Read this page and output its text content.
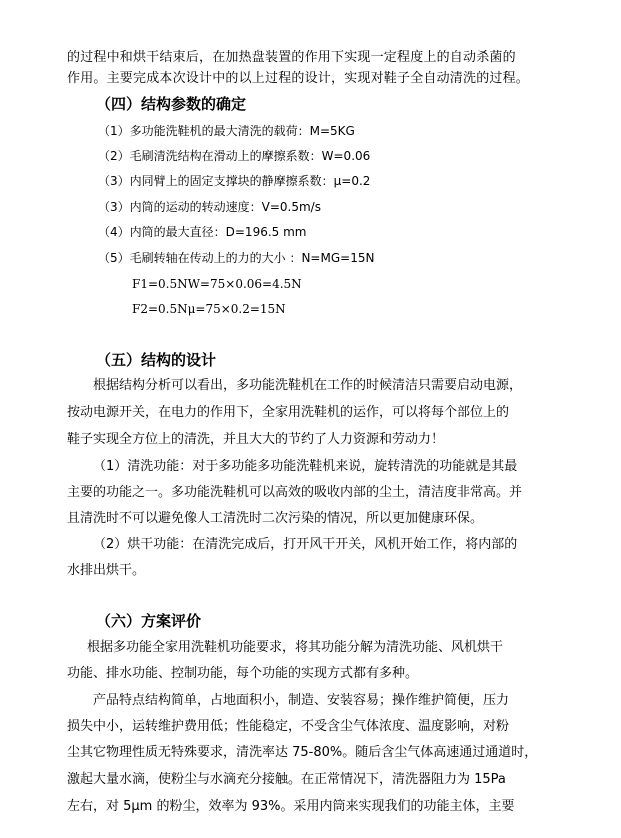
的过程中和烘干结束后，在加热盘装置的作用下实现一定程度上的自动杀菌的
作用。主要完成本次设计中的以上过程的设计，实现对鞋子全自动清洗的过程。
（四）结构参数的确定
（1）多功能洗鞋机的最大清洗的载荷：M=5KG
（2）毛刷清洗结构在滑动上的摩擦系数：W=0.06
（3）内同臂上的固定支撑块的静摩擦系数：μ=0.2
（3）内筒的运动的转动速度：V=0.5m/s
（4）内筒的最大直径：D=196.5 mm
（5）毛刷转轴在传动上的力的大小 ：N=MG=15N
F1=0.5NW=75×0.06=4.5N
F2=0.5Nμ=75×0.2=15N
（五）结构的设计
根据结构分析可以看出，多功能洗鞋机在工作的时候清洁只需要启动电源，
按动电源开关，在电力的作用下，全家用洗鞋机的运作，可以将每个部位上的
鞋子实现全方位上的清洗，并且大大的节约了人力资源和劳动力！
（1）清洗功能：对于多功能多功能洗鞋机来说，旋转清洗的功能就是其最
主要的功能之一。多功能洗鞋机可以高效的吸收内部的尘土，清洁度非常高。并
且清洗时不可以避免像人工清洗时二次污染的情况，所以更加健康环保。
（2）烘干功能：在清洗完成后，打开风干开关，风机开始工作，将内部的
水排出烘干。
（六）方案评价
根据多功能全家用洗鞋机功能要求，将其功能分解为清洗功能、风机烘干
功能、排水功能、控制功能，每个功能的实现方式都有多种。
产品特点结构简单，占地面积小，制造、安装容易；操作维护简便，压力
损失中小，运转维护费用低；性能稳定，不受含尘气体浓度、温度影响，对粉
尘其它物理性质无特殊要求，清洗率达 75-80%。随后含尘气体高速通过通道时，
激起大量水滴，使粉尘与水滴充分接触。在正常情况下，清洗器阻力为 15Pa
左右，对 5μm 的粉尘，效率为 93%。采用内筒来实现我们的功能主体，主要
